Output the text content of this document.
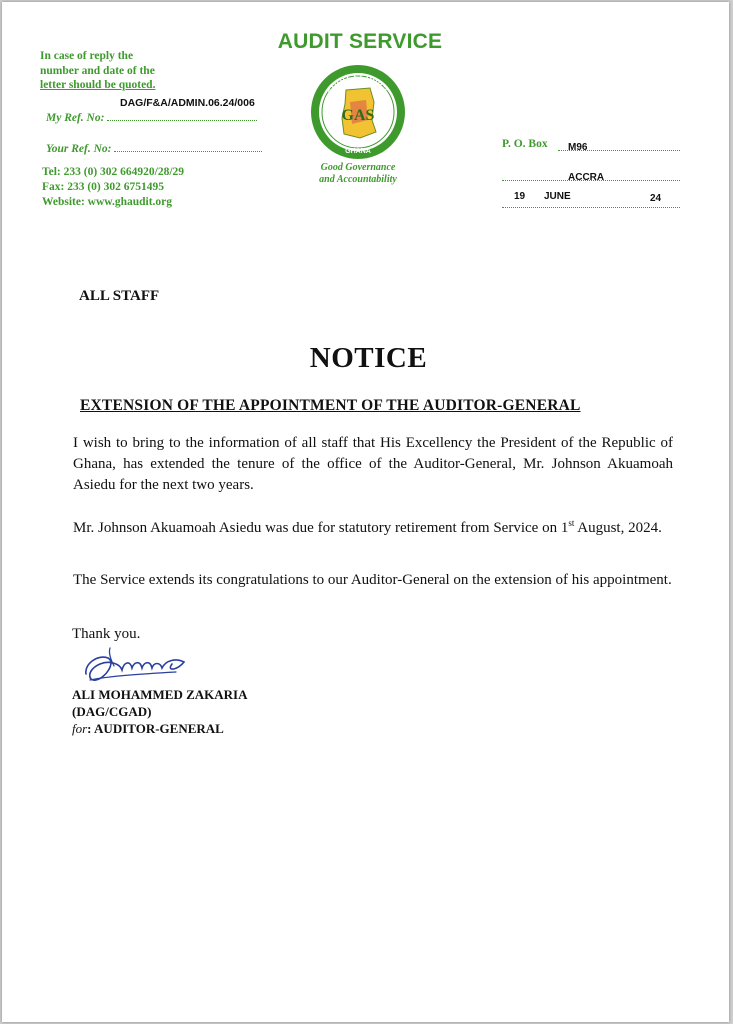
In case of reply the
number and date of the
letter should be quoted.
DAG/F&A/ADMIN.06.24/006
My Ref. No:
Your Ref. No:
Tel: 233 (0) 302 664920/28/29
Fax: 233 (0) 302 6751495
Website: www.ghaudit.org
AUDIT SERVICE
GAS
AUDIT SERVICE
GHANA
Good Governance
and Accountability
P. O. Box	M96
ACCRA
19 JUNE	24
ALL STAFF
NOTICE
EXTENSION OF THE APPOINTMENT OF THE AUDITOR-GENERAL
I wish to bring to the information of all staff that His Excellency the President of the Republic of Ghana, has extended the tenure of the office of the Auditor-General, Mr. Johnson Akuamoah Asiedu for the next two years.
Mr. Johnson Akuamoah Asiedu was due for statutory retirement from Service on 1st August, 2024.
The Service extends its congratulations to our Auditor-General on the extension of his appointment.
Thank you.
ALI MOHAMMED ZAKARIA
(DAG/CGAD)
for: AUDITOR-GENERAL
